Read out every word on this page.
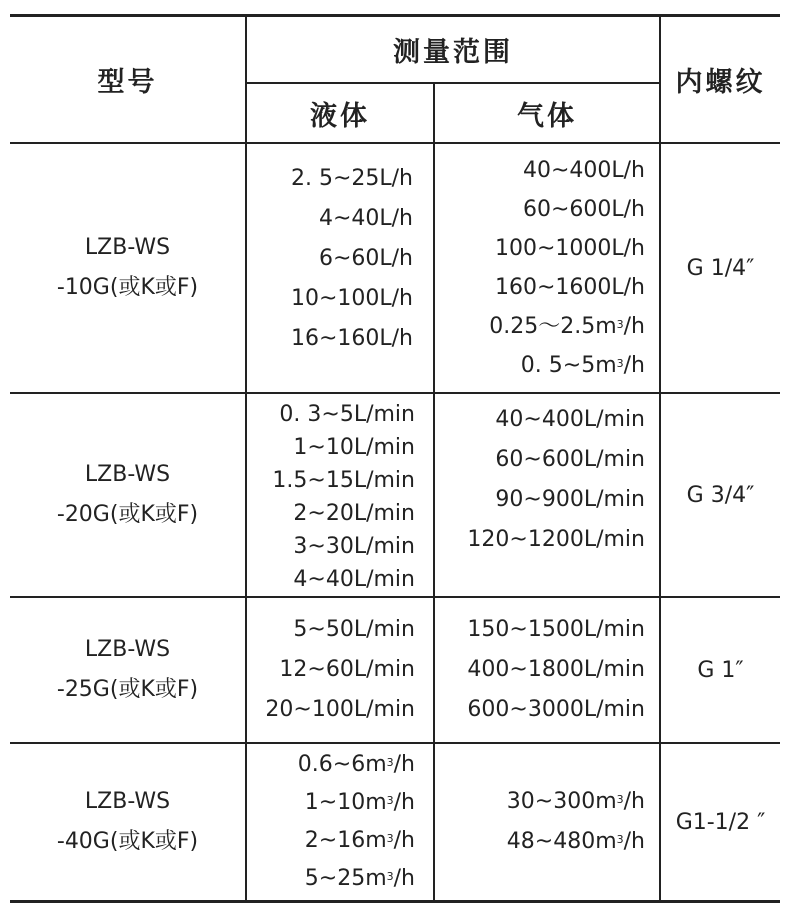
型号
测量范围
液体	气体
内螺纹
LZB-WS
-10G(或K或F)
2. 5~25L/h
4~40L/h
6~60L/h
10~100L/h
16~160L/h
40~400L/h
60~600L/h
100~1000L/h
160~1600L/h
$0.25\sim 2.5m^3/h$
0. $5\sim 5m^3/h$
G 1/4″
LZB-WS
-20G(或K或F)
0. 3~5L/min
1~10L/min
1.5~15L/min
2~20L/min
3~30L/min
4~40L/min
40~400L/min
60~600L/min
90~900L/min
120~1200L/min
G 3/4″
LZB-WS
-25G(或K或F)
5~50L/min
12~60L/min
20~100L/min
150~1500L/min
400~1800L/min
600~3000L/min
G 1″
LZB-WS
-40G(或K或F)
$0.6\sim 6m^3/h$
$1\sim 10m^3/h$
$2\sim 16m^3/h$
$5\sim 25m^3/h$
$30\sim 300m^3/h$
$48\sim 480m^3/h$
G1-1/2 ″
